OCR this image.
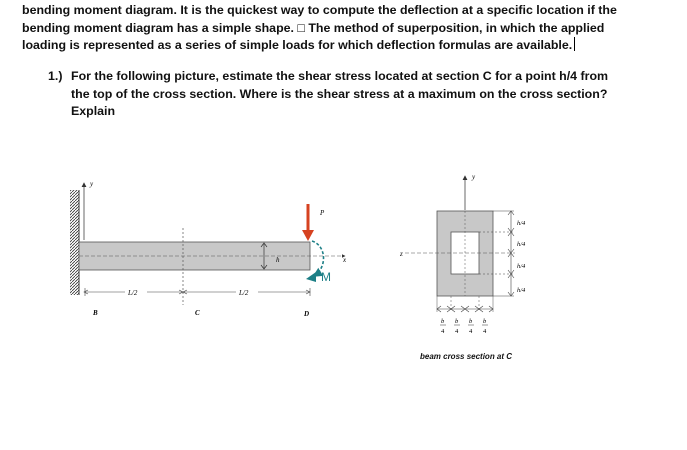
bending moment diagram. It is the quickest way to compute the deflection at a specific location if the
bending moment diagram has a simple shape. □ The method of superposition, in which the applied
loading is represented as a series of simple loads for which deflection formulas are available.
1.) For the following picture, estimate the shear stress located at section C for a point h/4 from
the top of the cross section. Where is the shear stress at a maximum on the cross section?
Explain
y
x
h
P
M
L/2	L/2
B	C	D
y
z
h/4
h/4
h/4
h/4
b
4
b
4
b
4
b
4
beam cross section at C
